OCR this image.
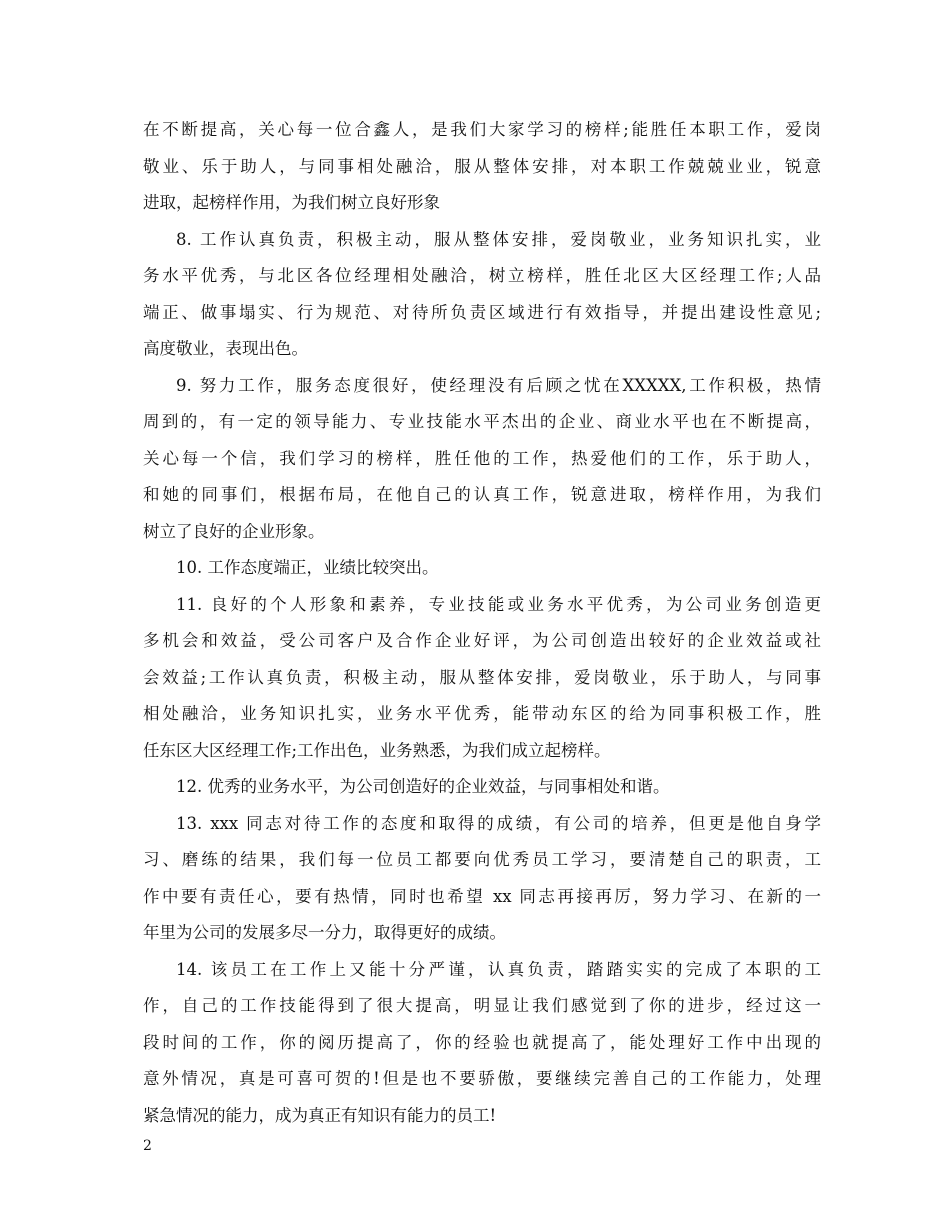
在不断提高，关心每一位合鑫人，是我们大家学习的榜样;能胜任本职工作，爱岗
敬业、乐于助人，与同事相处融洽，服从整体安排，对本职工作兢兢业业，锐意
进取，起榜样作用，为我们树立良好形象
8. 工作认真负责，积极主动，服从整体安排，爱岗敬业，业务知识扎实，业
务水平优秀，与北区各位经理相处融洽，树立榜样，胜任北区大区经理工作;人品
端正、做事塌实、行为规范、对待所负责区域进行有效指导，并提出建设性意见;
高度敬业，表现出色。
9. 努力工作，服务态度很好，使经理没有后顾之忧在XXXXX,工作积极，热情
周到的，有一定的领导能力、专业技能水平杰出的企业、商业水平也在不断提高，
关心每一个信，我们学习的榜样，胜任他的工作，热爱他们的工作，乐于助人，
和她的同事们，根据布局，在他自己的认真工作，锐意进取，榜样作用，为我们
树立了良好的企业形象。
10. 工作态度端正，业绩比较突出。
11. 良好的个人形象和素养，专业技能或业务水平优秀，为公司业务创造更
多机会和效益，受公司客户及合作企业好评，为公司创造出较好的企业效益或社
会效益;工作认真负责，积极主动，服从整体安排，爱岗敬业，乐于助人，与同事
相处融洽，业务知识扎实，业务水平优秀，能带动东区的给为同事积极工作，胜
任东区大区经理工作;工作出色，业务熟悉，为我们成立起榜样。
12. 优秀的业务水平，为公司创造好的企业效益，与同事相处和谐。
13. xxx 同志对待工作的态度和取得的成绩，有公司的培养，但更是他自身学
习、磨练的结果，我们每一位员工都要向优秀员工学习，要清楚自己的职责，工
作中要有责任心，要有热情，同时也希望 xx 同志再接再厉，努力学习、在新的一
年里为公司的发展多尽一分力，取得更好的成绩。
14. 该员工在工作上又能十分严谨，认真负责，踏踏实实的完成了本职的工
作，自己的工作技能得到了很大提高，明显让我们感觉到了你的进步，经过这一
段时间的工作，你的阅历提高了，你的经验也就提高了，能处理好工作中出现的
意外情况，真是可喜可贺的!但是也不要骄傲，要继续完善自己的工作能力，处理
紧急情况的能力，成为真正有知识有能力的员工!
2
